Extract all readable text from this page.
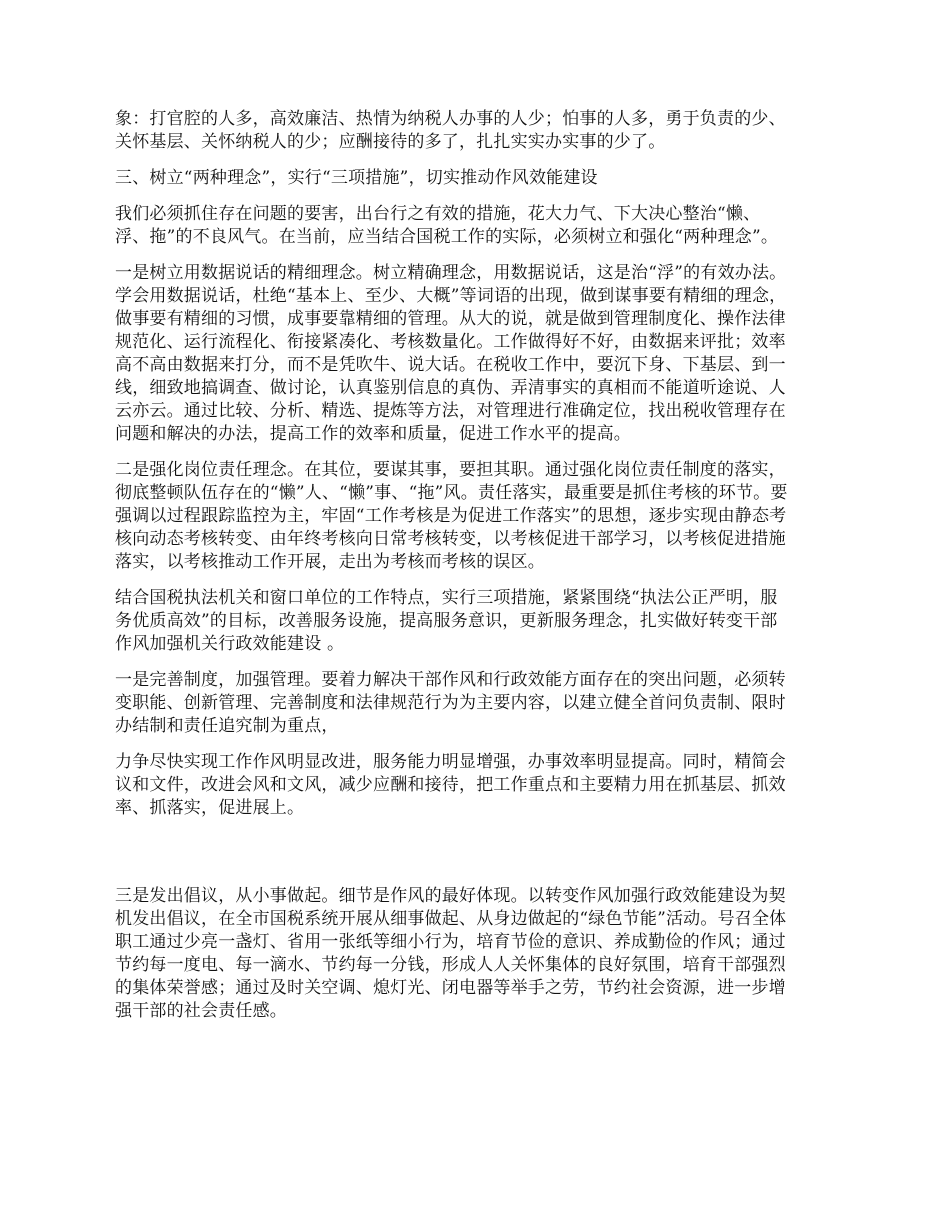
象：打官腔的人多，高效廉洁、热情为纳税人办事的人少；怕事的人多，勇于负责的少、
关怀基层、关怀纳税人的少；应酬接待的多了，扎扎实实办实事的少了。

三、树立“两种理念”，实行“三项措施”，切实推动作风效能建设

我们必须抓住存在问题的要害，出台行之有效的措施，花大力气、下大决心整治“懒、
浮、拖”的不良风气。在当前，应当结合国税工作的实际，必须树立和强化“两种理念”。

一是树立用数据说话的精细理念。树立精确理念，用数据说话，这是治“浮”的有效办法。
学会用数据说话，杜绝“基本上、至少、大概”等词语的出现，做到谋事要有精细的理念，
做事要有精细的习惯，成事要靠精细的管理。从大的说，就是做到管理制度化、操作法律
规范化、运行流程化、衔接紧凑化、考核数量化。工作做得好不好，由数据来评批；效率
高不高由数据来打分，而不是凭吹牛、说大话。在税收工作中，要沉下身、下基层、到一
线，细致地搞调查、做讨论，认真鉴别信息的真伪、弄清事实的真相而不能道听途说、人
云亦云。通过比较、分析、精选、提炼等方法，对管理进行准确定位，找出税收管理存在
问题和解决的办法，提高工作的效率和质量，促进工作水平的提高。

二是强化岗位责任理念。在其位，要谋其事，要担其职。通过强化岗位责任制度的落实，
彻底整顿队伍存在的“懒”人、“懒”事、“拖”风。责任落实，最重要是抓住考核的环节。要
强调以过程跟踪监控为主，牢固“工作考核是为促进工作落实”的思想，逐步实现由静态考
核向动态考核转变、由年终考核向日常考核转变，以考核促进干部学习，以考核促进措施
落实，以考核推动工作开展，走出为考核而考核的误区。

结合国税执法机关和窗口单位的工作特点，实行三项措施，紧紧围绕“执法公正严明，服
务优质高效”的目标，改善服务设施，提高服务意识，更新服务理念，扎实做好转变干部
作风加强机关行政效能建设 。

一是完善制度，加强管理。要着力解决干部作风和行政效能方面存在的突出问题，必须转
变职能、创新管理、完善制度和法律规范行为为主要内容，以建立健全首问负责制、限时
办结制和责任追究制为重点，

力争尽快实现工作作风明显改进，服务能力明显增强，办事效率明显提高。同时，精简会
议和文件，改进会风和文风，减少应酬和接待，把工作重点和主要精力用在抓基层、抓效
率、抓落实，促进展上。

三是发出倡议，从小事做起。细节是作风的最好体现。以转变作风加强行政效能建设为契
机发出倡议，在全市国税系统开展从细事做起、从身边做起的“绿色节能”活动。号召全体
职工通过少亮一盏灯、省用一张纸等细小行为，培育节俭的意识、养成勤俭的作风；通过
节约每一度电、每一滴水、节约每一分钱，形成人人关怀集体的良好氛围，培育干部强烈
的集体荣誉感；通过及时关空调、熄灯光、闭电器等举手之劳，节约社会资源，进一步增
强干部的社会责任感。
